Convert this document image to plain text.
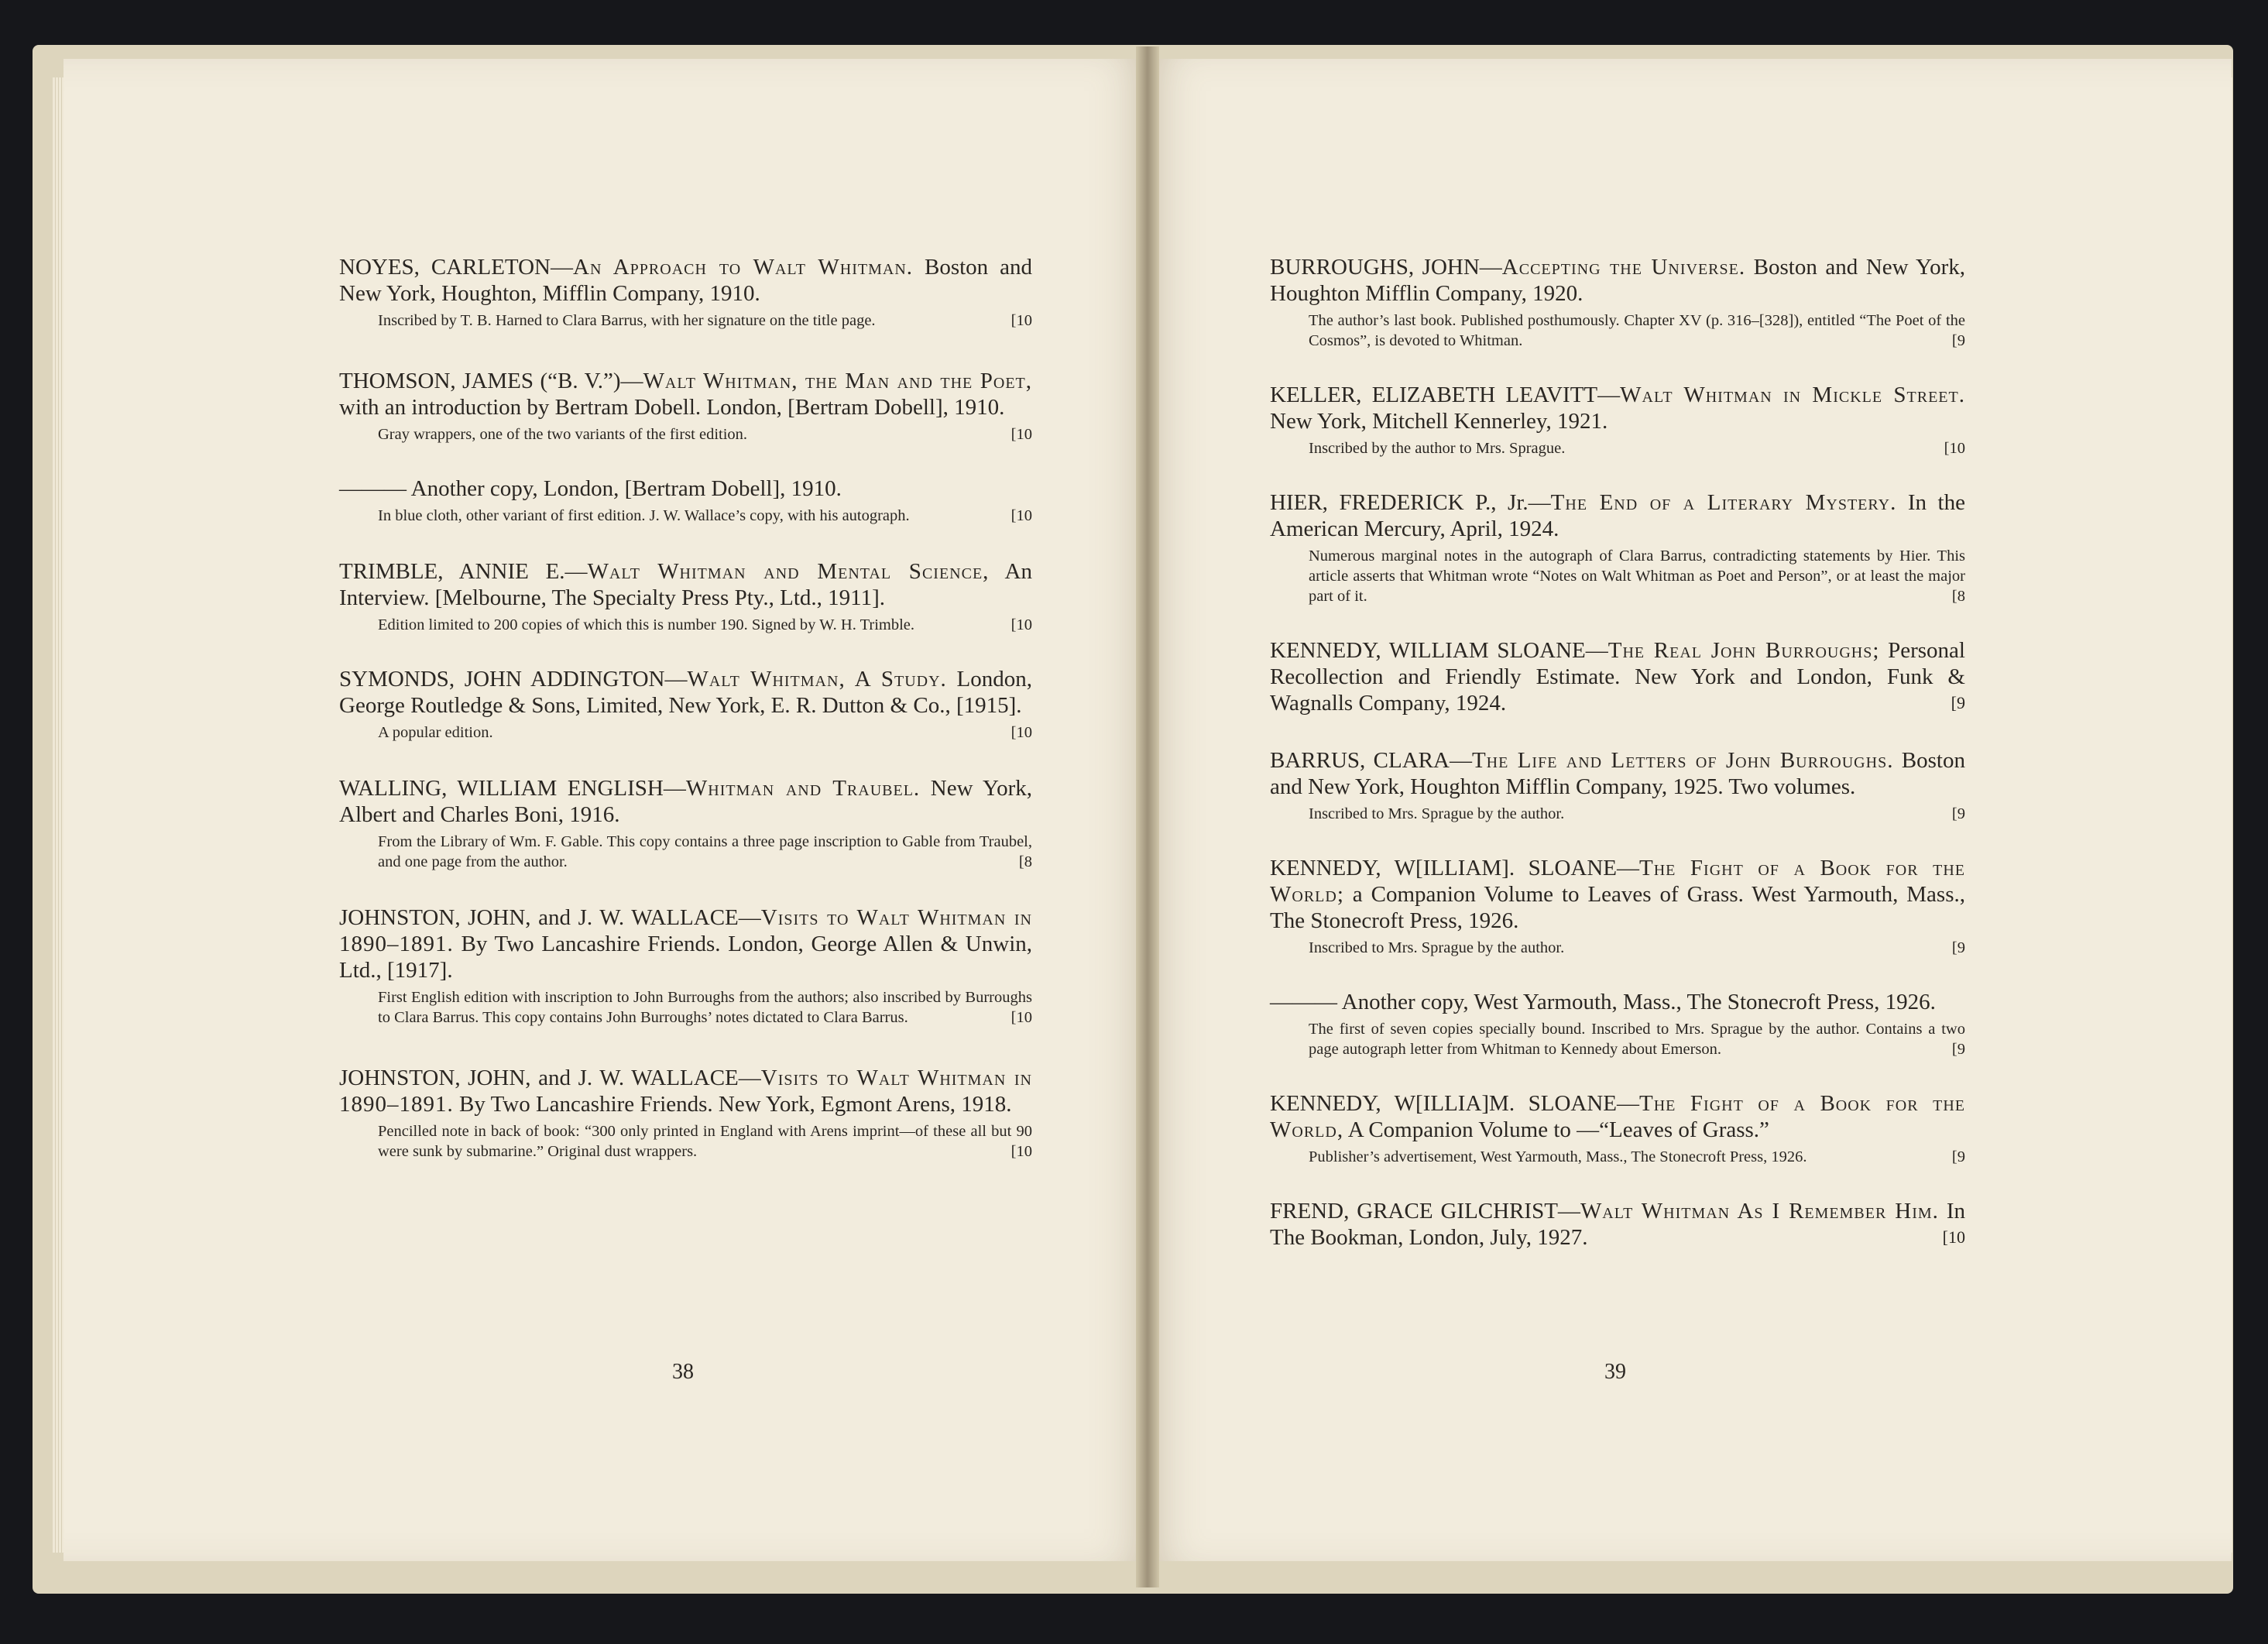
NOYES, CARLETON—An Approach to Walt Whitman. Boston and New York, Houghton, Mifflin Company, 1910.
Inscribed by T. B. Harned to Clara Barrus, with her signature on the title page.	[10
THOMSON, JAMES (“B. V.”)—Walt Whitman, the Man and the Poet, with an introduction by Bertram Dobell. London, [Bertram Dobell], 1910.
Gray wrappers, one of the two variants of the first edition.	[10
——— Another copy, London, [Bertram Dobell], 1910.
In blue cloth, other variant of first edition. J. W. Wallace’s copy, with his autograph.	[10
TRIMBLE, ANNIE E.—Walt Whitman and Mental Science, An Interview. [Melbourne, The Specialty Press Pty., Ltd., 1911].
Edition limited to 200 copies of which this is number 190. Signed by W. H. Trimble.	[10
SYMONDS, JOHN ADDINGTON—Walt Whitman, A Study. London, George Routledge & Sons, Limited, New York, E. R. Dutton & Co., [1915].
A popular edition.	[10
WALLING, WILLIAM ENGLISH—Whitman and Traubel. New York, Albert and Charles Boni, 1916.
From the Library of Wm. F. Gable. This copy contains a three page inscription to Gable from Traubel, and one page from the author.	[8
JOHNSTON, JOHN, and J. W. WALLACE—Visits to Walt Whitman in 1890–1891. By Two Lancashire Friends. London, George Allen & Unwin, Ltd., [1917].
First English edition with inscription to John Burroughs from the authors; also inscribed by Burroughs to Clara Barrus. This copy contains John Burroughs’ notes dictated to Clara Barrus.	[10
JOHNSTON, JOHN, and J. W. WALLACE—Visits to Walt Whitman in 1890–1891. By Two Lancashire Friends. New York, Egmont Arens, 1918.
Pencilled note in back of book: “300 only printed in England with Arens imprint—of these all but 90 were sunk by submarine.” Original dust wrappers.	[10
BURROUGHS, JOHN—Accepting the Universe. Boston and New York, Houghton Mifflin Company, 1920.
The author’s last book. Published posthumously. Chapter XV (p. 316–[328]), entitled “The Poet of the Cosmos”, is devoted to Whitman.	[9
KELLER, ELIZABETH LEAVITT—Walt Whitman in Mickle Street. New York, Mitchell Kennerley, 1921.
Inscribed by the author to Mrs. Sprague.	[10
HIER, FREDERICK P., Jr.—The End of a Literary Mystery. In the American Mercury, April, 1924.
Numerous marginal notes in the autograph of Clara Barrus, contradicting statements by Hier. This article asserts that Whitman wrote “Notes on Walt Whitman as Poet and Person”, or at least the major part of it.	[8
KENNEDY, WILLIAM SLOANE—The Real John Burroughs; Personal Recollection and Friendly Estimate. New York and London, Funk & Wagnalls Company, 1924.	[9
BARRUS, CLARA—The Life and Letters of John Burroughs. Boston and New York, Houghton Mifflin Company, 1925. Two volumes.
Inscribed to Mrs. Sprague by the author.	[9
KENNEDY, W[ILLIAM]. SLOANE—The Fight of a Book for the World; a Companion Volume to Leaves of Grass. West Yarmouth, Mass., The Stonecroft Press, 1926.
Inscribed to Mrs. Sprague by the author.	[9
——— Another copy, West Yarmouth, Mass., The Stonecroft Press, 1926.
The first of seven copies specially bound. Inscribed to Mrs. Sprague by the author. Contains a two page autograph letter from Whitman to Kennedy about Emerson.	[9
KENNEDY, W[ILLIA]M. SLOANE—The Fight of a Book for the World, A Companion Volume to —“Leaves of Grass.”
Publisher’s advertisement, West Yarmouth, Mass., The Stonecroft Press, 1926.	[9
FREND, GRACE GILCHRIST—Walt Whitman As I Remember Him. In The Bookman, London, July, 1927.	[10
38	39
